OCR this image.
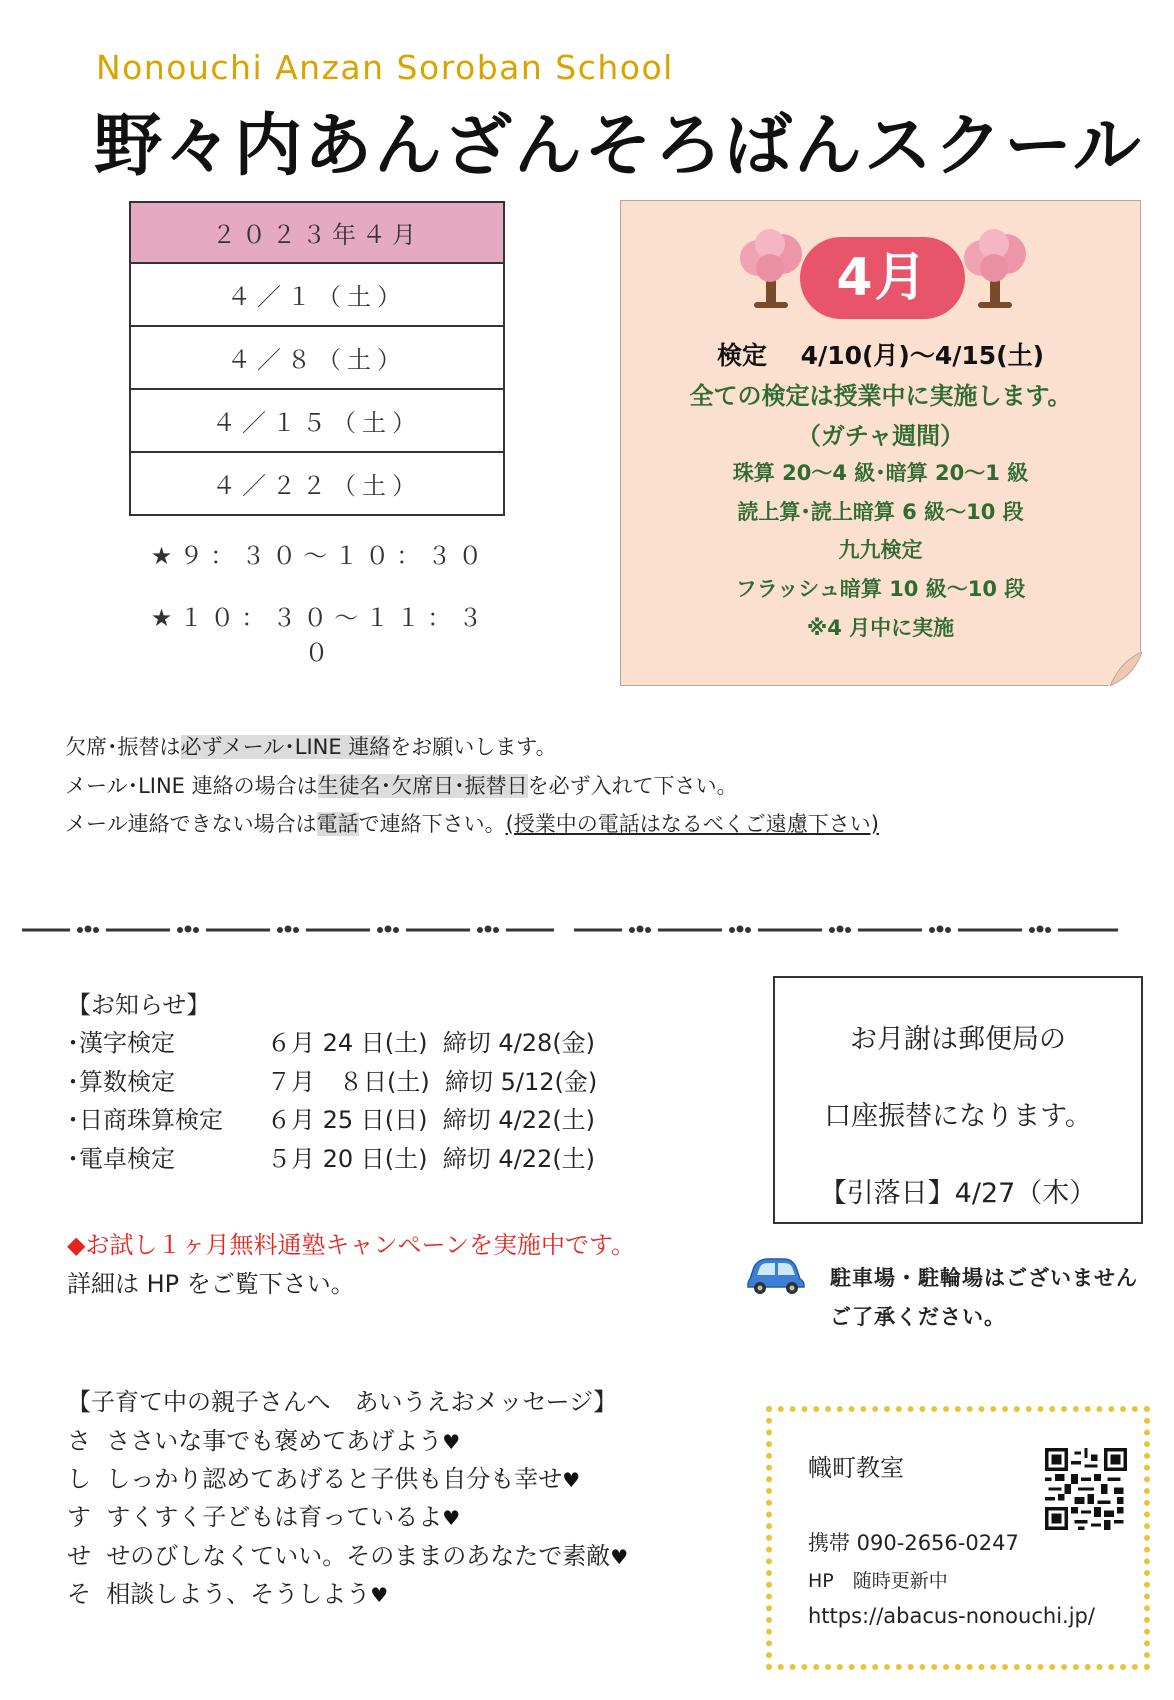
Nonouchi Anzan Soroban School
野々内あんざんそろばんスクール
２０２３年４月
４／１（土）
４／８（土）
４／１５（土）
４／２２（土）
★９：３０～１０：３０
★１０：３０～１１：３０
4月
検定　 4/10(月)～4/15(土)
全ての検定は授業中に実施します。
（ガチャ週間）
珠算 20～4 級･暗算 20～1 級
読上算･読上暗算 6 級～10 段
九九検定
フラッシュ暗算 10 級～10 段
※4 月中に実施
欠席･振替は必ずメール･LINE 連絡をお願いします。
メール･LINE 連絡の場合は生徒名･欠席日･振替日を必ず入れて下さい。
メール連絡できない場合は電話で連絡下さい。(授業中の電話はなるべくご遠慮下さい)
【お知らせ】
･漢字検定	６月 24 日(土) 締切 4/28(金)
･算数検定	７月　８日(土) 締切 5/12(金)
･日商珠算検定 ６月 25 日(日) 締切 4/22(土)
･電卓検定	５月 20 日(土) 締切 4/22(土)
◆お試し１ヶ月無料通塾キャンペーンを実施中です。
詳細は HP をご覧下さい。
お月謝は郵便局の
口座振替になります。
【引落日】4/27（木）
駐車場・駐輪場はございません
ご了承ください。
【子育て中の親子さんへ　あいうえおメッセージ】
さ ささいな事でも褒めてあげよう♥
し しっかり認めてあげると子供も自分も幸せ♥
す すくすく子どもは育っているよ♥
せ せのびしなくていい。そのままのあなたで素敵♥
そ 相談しよう、そうしよう♥
幟町教室
携帯 090-2656-0247
HP　随時更新中
https://abacus-nonouchi.jp/
